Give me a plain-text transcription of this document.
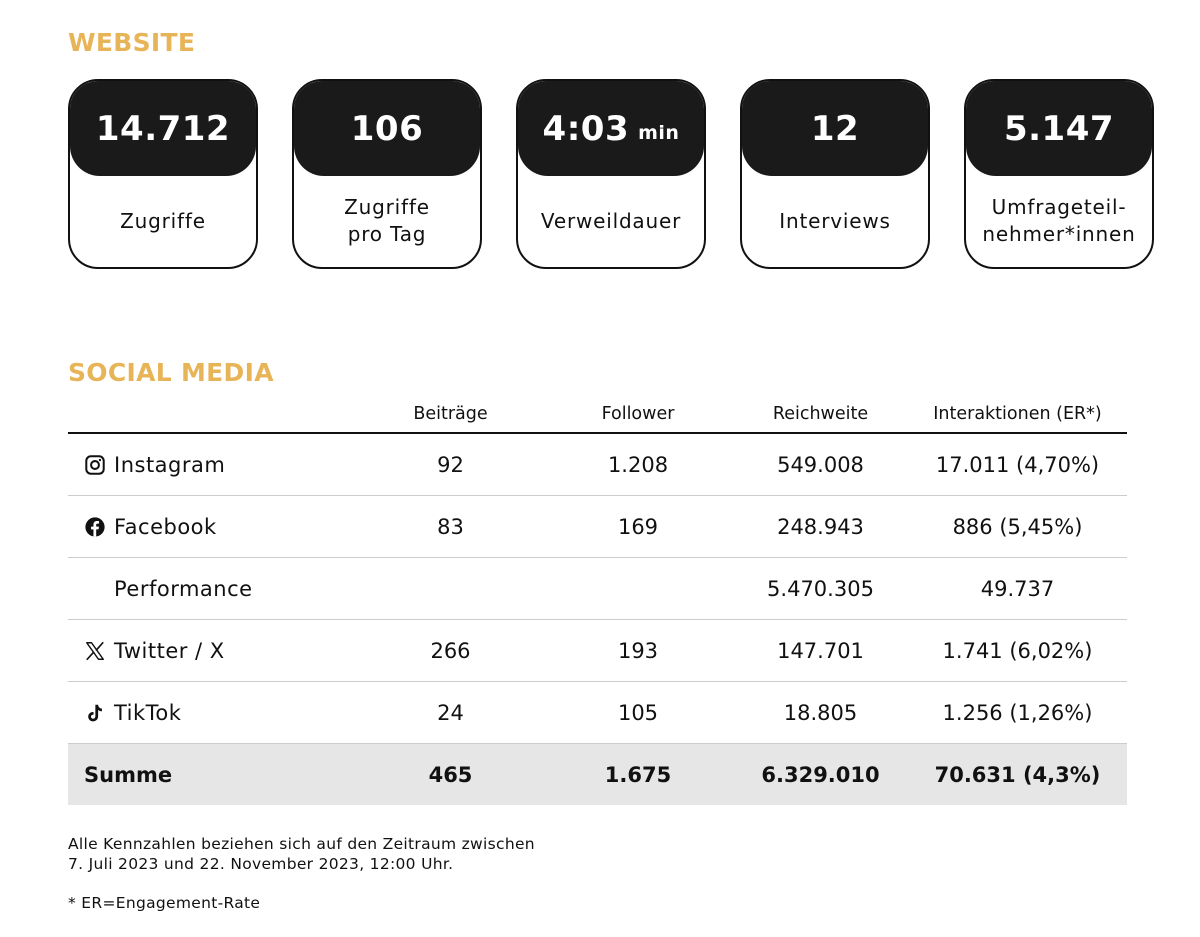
WEBSITE
14.712
Zugriffe
106
Zugriffe
pro Tag
4:03 min
Verweildauer
12
Interviews
5.147
Umfrageteil-
nehmer*innen
SOCIAL MEDIA
	Beiträge	Follower	Reichweite	Interaktionen (ER*)

Instagram	92	1.208	549.008	17.011 (4,70%)

Facebook	83	169	248.943	886 (5,45%)

Performance			5.470.305	49.737

Twitter / X	266	193	147.701	1.741 (6,02%)

TikTok	24	105	18.805	1.256 (1,26%)
Summe	465	1.675	6.329.010	70.631 (4,3%)

Alle Kennzahlen beziehen sich auf den Zeitraum zwischen
7. Juli 2023 und 22. November 2023, 12:00 Uhr.

* ER=Engagement-Rate
